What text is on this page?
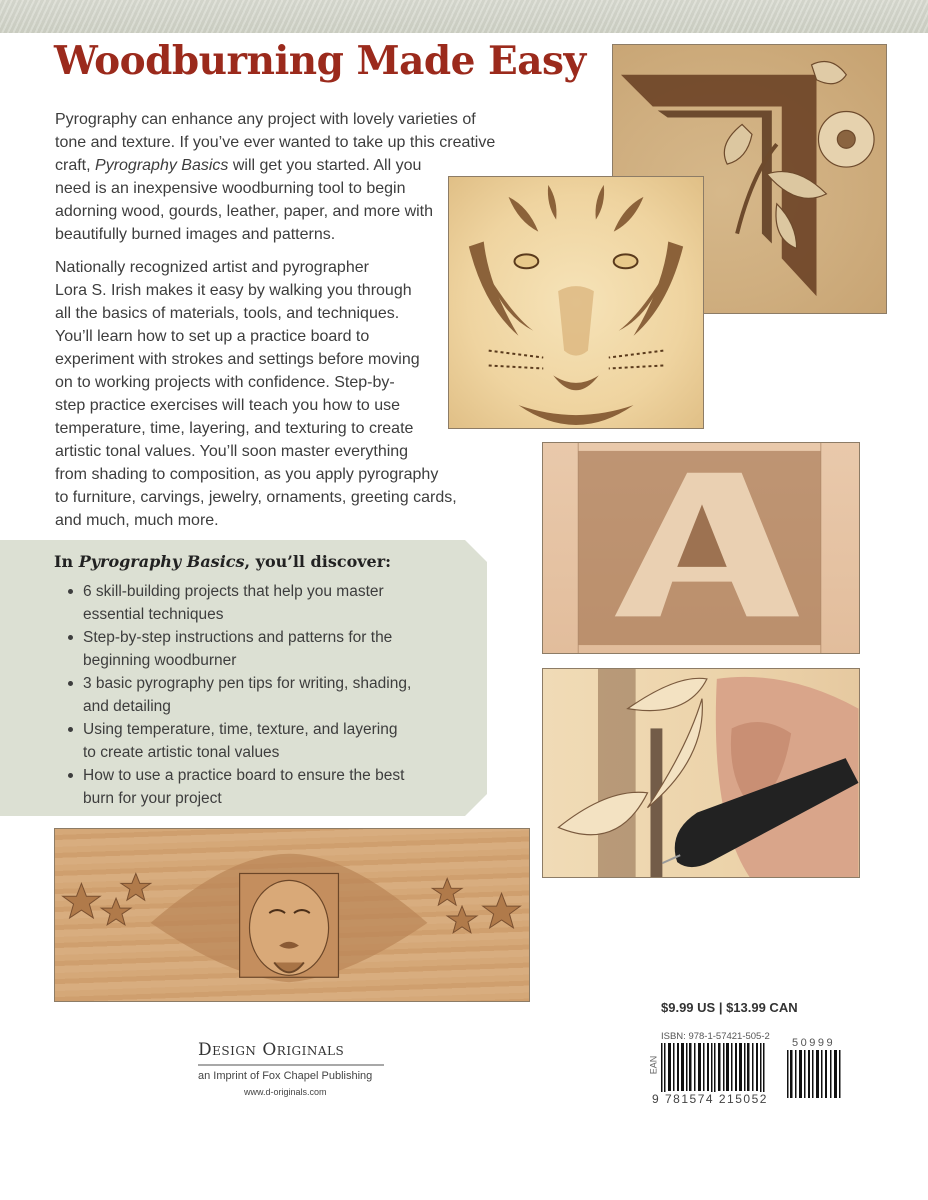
Woodburning Made Easy
Pyrography can enhance any project with lovely varieties of
tone and texture. If you’ve ever wanted to take up this creative
craft, Pyrography Basics will get you started. All you
need is an inexpensive woodburning tool to begin
adorning wood, gourds, leather, paper, and more with
beautifully burned images and patterns.
Nationally recognized artist and pyrographer
Lora S. Irish makes it easy by walking you through
all the basics of materials, tools, and techniques.
You’ll learn how to set up a practice board to
experiment with strokes and settings before moving
on to working projects with confidence. Step-by-
step practice exercises will teach you how to use
temperature, time, layering, and texturing to create
artistic tonal values. You’ll soon master everything
from shading to composition, as you apply pyrography
to furniture, carvings, jewelry, ornaments, greeting cards,
and much, much more.
In Pyrography Basics, you’ll discover:
6 skill-building projects that help you master
essential techniques
Step-by-step instructions and patterns for the
beginning woodburner
3 basic pyrography pen tips for writing, shading,
and detailing
Using temperature, time, texture, and layering
to create artistic tonal values
How to use a practice board to ensure the best
burn for your project
$9.99 US | $13.99 CAN
ISBN: 978-1-57421-505-2
EAN
9 781574 215052
50999
Design Originals
an Imprint of Fox Chapel Publishing
www.d-originals.com
